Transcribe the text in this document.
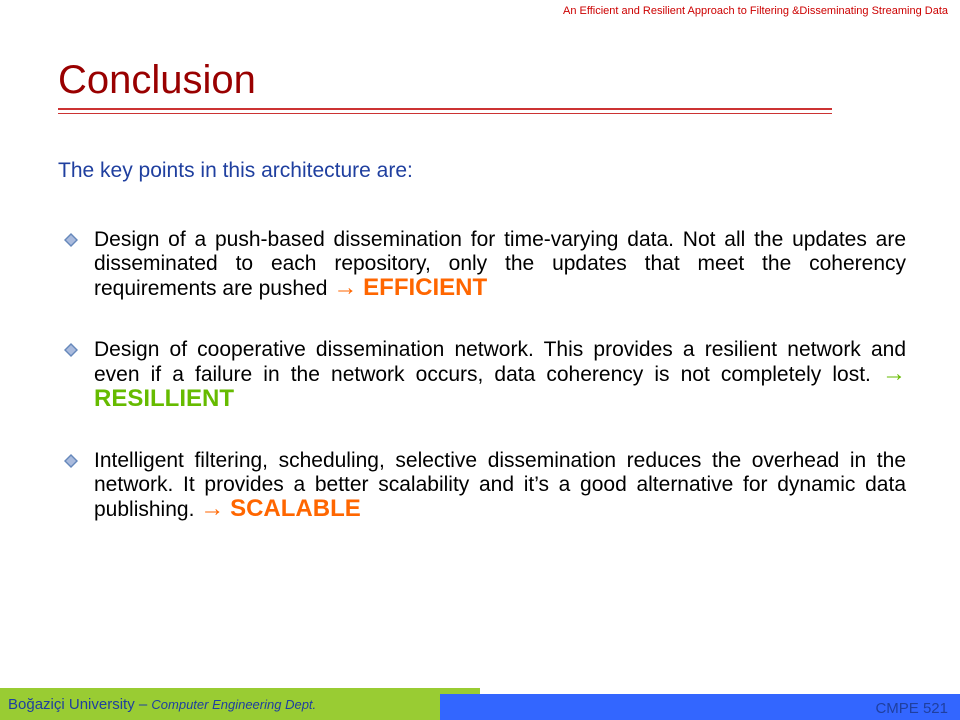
An Efficient and Resilient Approach to Filtering &Disseminating Streaming Data
Conclusion
The key points in this architecture are:
Design of a push-based dissemination for time-varying data. Not all the updates are disseminated to each repository, only the updates that meet the coherency requirements are pushed → EFFICIENT
Design of cooperative dissemination network. This provides a resilient network and even if a failure in the network occurs, data coherency is not completely lost. → RESILLIENT
Intelligent filtering, scheduling, selective dissemination reduces the overhead in the network. It provides a better scalability and it’s a good alternative for dynamic data publishing. → SCALABLE
Boğaziçi University – Computer Engineering Dept.	CMPE 521
